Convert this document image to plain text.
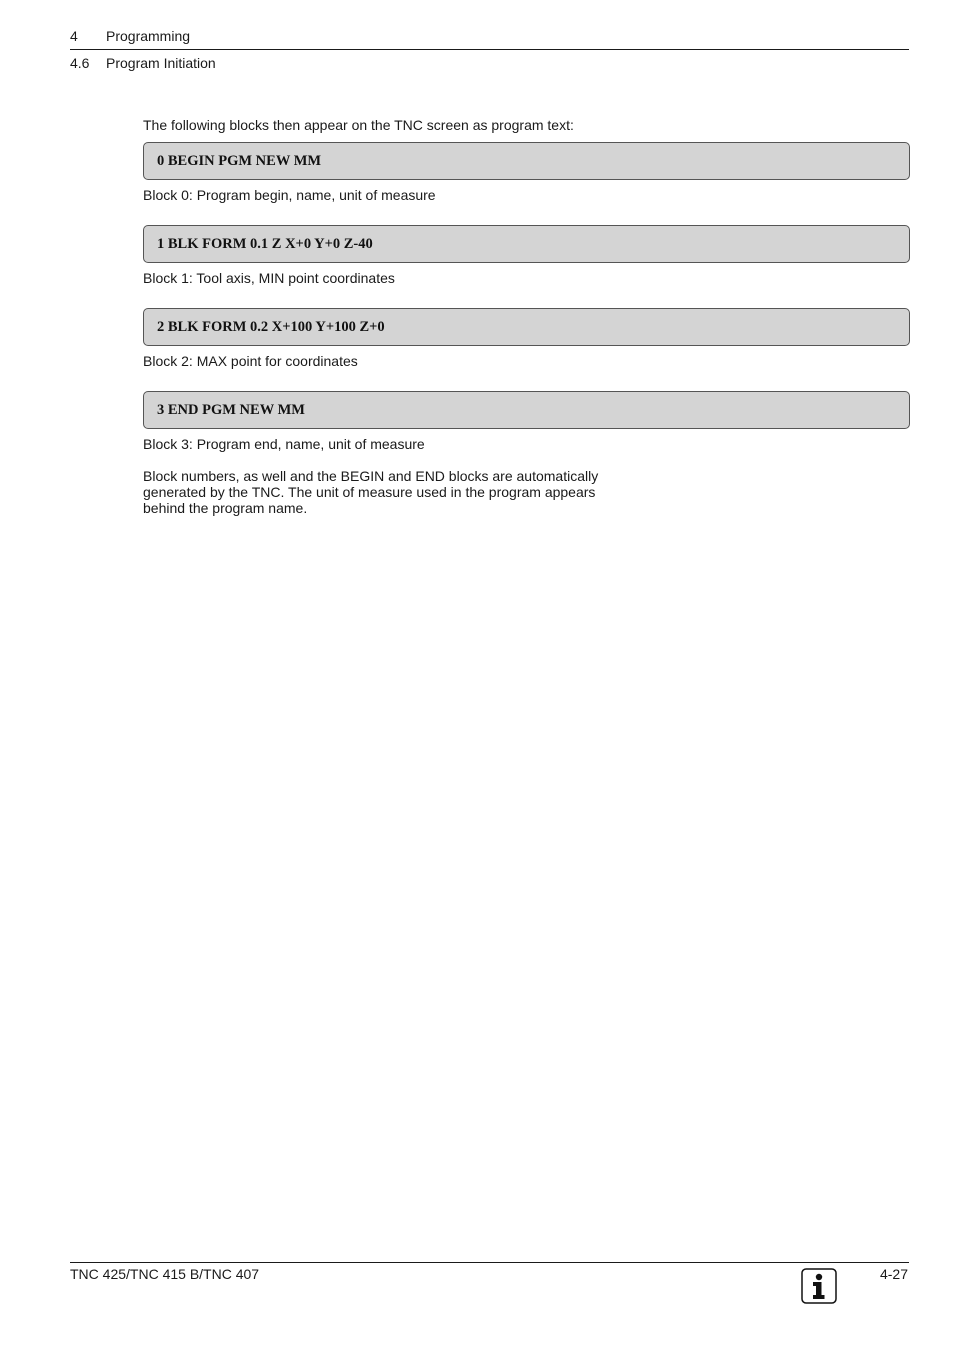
4 Programming
4.6 Program Initiation

The following blocks then appear on the TNC screen as program text:

0 BEGIN PGM NEW MM

Block 0: Program begin, name, unit of measure

1 BLK FORM 0.1 Z X+0 Y+0 Z-40

Block 1: Tool axis, MIN point coordinates

2 BLK FORM 0.2 X+100 Y+100 Z+0

Block 2: MAX point for coordinates

3 END PGM NEW MM

Block 3: Program end, name, unit of measure

Block numbers, as well and the BEGIN and END blocks are automatically generated by the TNC. The unit of measure used in the program appears behind the program name.

TNC 425/TNC 415 B/TNC 407	4-27
